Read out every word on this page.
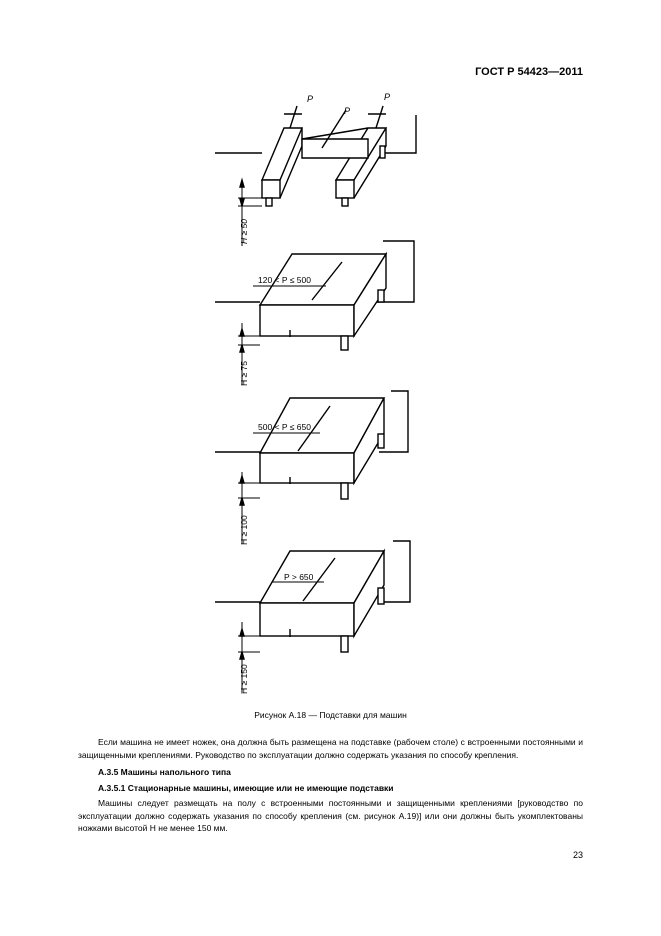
ГОСТ Р 54423—2011
P
P
P
H ≥ 50
120 < P ≤ 500
H ≥ 75
500 < P ≤ 650
H ≥ 100
P > 650
H ≥ 150
Рисунок А.18 — Подставки для машин

Если машина не имеет ножек, она должна быть размещена на подставке (рабочем столе) с встроенными постоянными и защищенными креплениями. Руководство по эксплуатации должно содержать указания по способу крепления.

А.3.5 Машины напольного типа

А.3.5.1 Стационарные машины, имеющие или не имеющие подставки

Машины следует размещать на полу с встроенными постоянными и защищенными креплениями [руководство по эксплуатации должно содержать указания по способу крепления (см. рисунок А.19)] или они должны быть укомплектованы ножками высотой H не менее 150 мм.

23
